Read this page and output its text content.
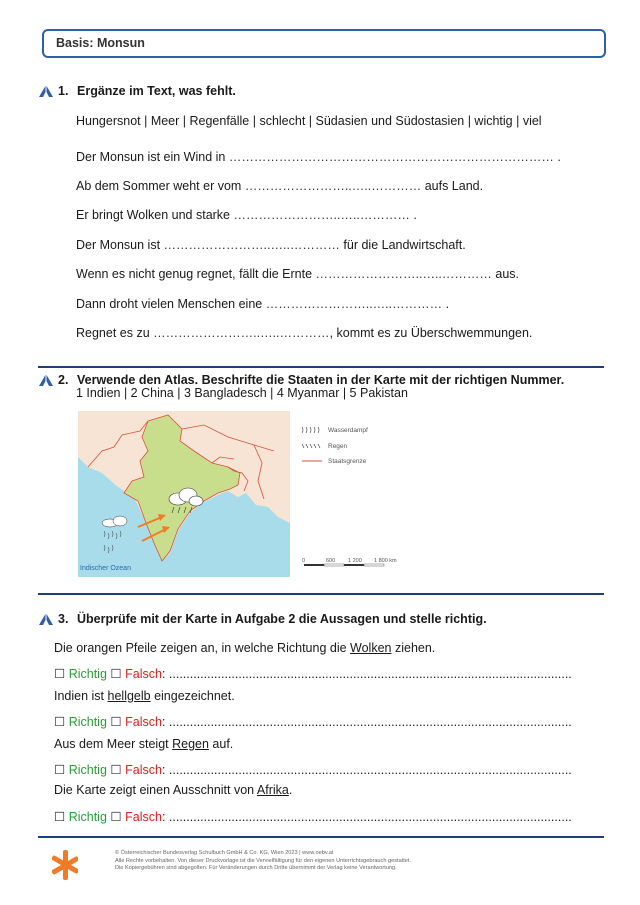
Basis: Monsun
1. Ergänze im Text, was fehlt.
Hungersnot | Meer | Regenfälle | schlecht | Südasien und Südostasien | wichtig | viel
Der Monsun ist ein Wind in …………………………………………………………………… .
Ab dem Sommer weht er vom ……………………..…..………… aufs Land.
Er bringt Wolken und starke ……………………..…..………… .
Der Monsun ist ……………………..…..………… für die Landwirtschaft.
Wenn es nicht genug regnet, fällt die Ernte ……………………..…..………… aus.
Dann droht vielen Menschen eine ……………………..…..………… .
Regnet es zu ……………………..…..…………, kommt es zu Überschwemmungen.
2. Verwende den Atlas. Beschrifte die Staaten in der Karte mit der richtigen Nummer.
1 Indien | 2 China | 3 Bangladesch | 4 Myanmar | 5 Pakistan
Indischer Ozean
Wasserdampf
Regen
Staatsgrenze
0	600 1 200 1 800 km
3. Überprüfe mit der Karte in Aufgabe 2 die Aussagen und stelle richtig.
Die orangen Pfeile zeigen an, in welche Richtung die Wolken ziehen.
☐ Richtig ☐ Falsch: ....................................................................................................................
Indien ist hellgelb eingezeichnet.
☐ Richtig ☐ Falsch: ....................................................................................................................
Aus dem Meer steigt Regen auf.
☐ Richtig ☐ Falsch: ....................................................................................................................
Die Karte zeigt einen Ausschnitt von Afrika.
☐ Richtig ☐ Falsch: ....................................................................................................................
© Österreichischer Bundesverlag Schulbuch GmbH & Co. KG, Wien 2023 | www.oebv.at
Alle Rechte vorbehalten. Von dieser Druckvorlage ist die Vervielfältigung für den eigenen Unterrichtsgebrauch gestattet.
Die Kopiergebühren sind abgegolten. Für Veränderungen durch Dritte übernimmt der Verlag keine Verantwortung.
